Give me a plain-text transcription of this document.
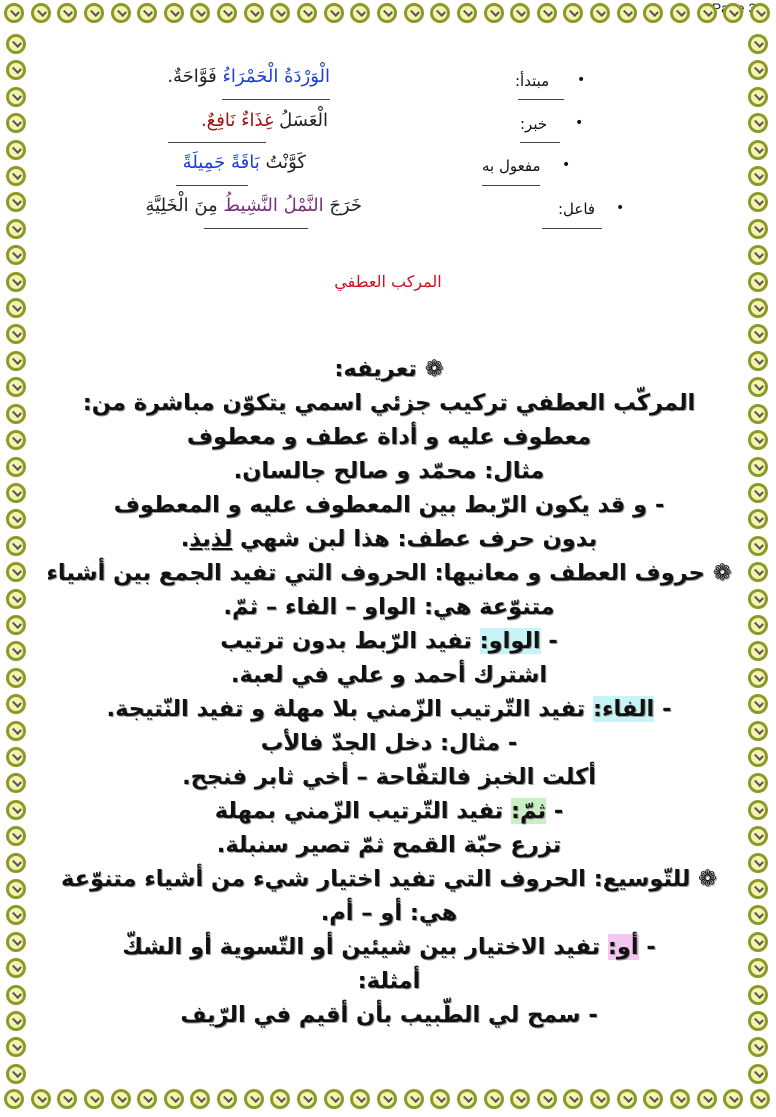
•
مبتدأ:
الْوَرْدَةُ الْحَمْرَاءُ فَوَّاحَةٌ.
•
خبر:
الْعَسَلُ غِذَاءٌ نَافِعٌ.
•
مفعول به
كَوَّنْتُ بَاقَةً جَمِيلَةً
•
فاعل:
خَرَجَ النَّمْلُ النَّشِيطُ مِنَ الْخَلِيَّةِ
المركب العطفي

❁ تعريفه:

المركّب العطفي تركيب جزئي اسمي يتكوّن مباشرة من:

معطوف عليه و أداة عطف و معطوف

مثال: محمّد و صالح جالسان.

- و قد يكون الرّبط بين المعطوف عليه و المعطوف

بدون حرف عطف: هذا لبن شهي لذيذ.

❁ حروف العطف و معانيها: الحروف التي تفيد الجمع بين أشياء متنوّعة هي: الواو – الفاء – ثمّ.

- الواو: تفيد الرّبط بدون ترتيب

اشترك أحمد و علي في لعبة.

- الفاء: تفيد التّرتيب الزّمني بلا مهلة و تفيد النّتيجة.

- مثال: دخل الجدّ فالأب

أكلت الخبز فالتفّاحة – أخي ثابر فنجح.

- ثمّ: تفيد التّرتيب الزّمني بمهلة

تزرع حبّة القمح ثمّ تصير سنبلة.

❁ للتّوسيع: الحروف التي تفيد اختيار شيء من أشياء متنوّعة هي: أو – أم.

- أو: تفيد الاختيار بين شيئين أو التّسوية أو الشكّ

أمثلة:

- سمح لي الطّبيب بأن أقيم في الرّيف
